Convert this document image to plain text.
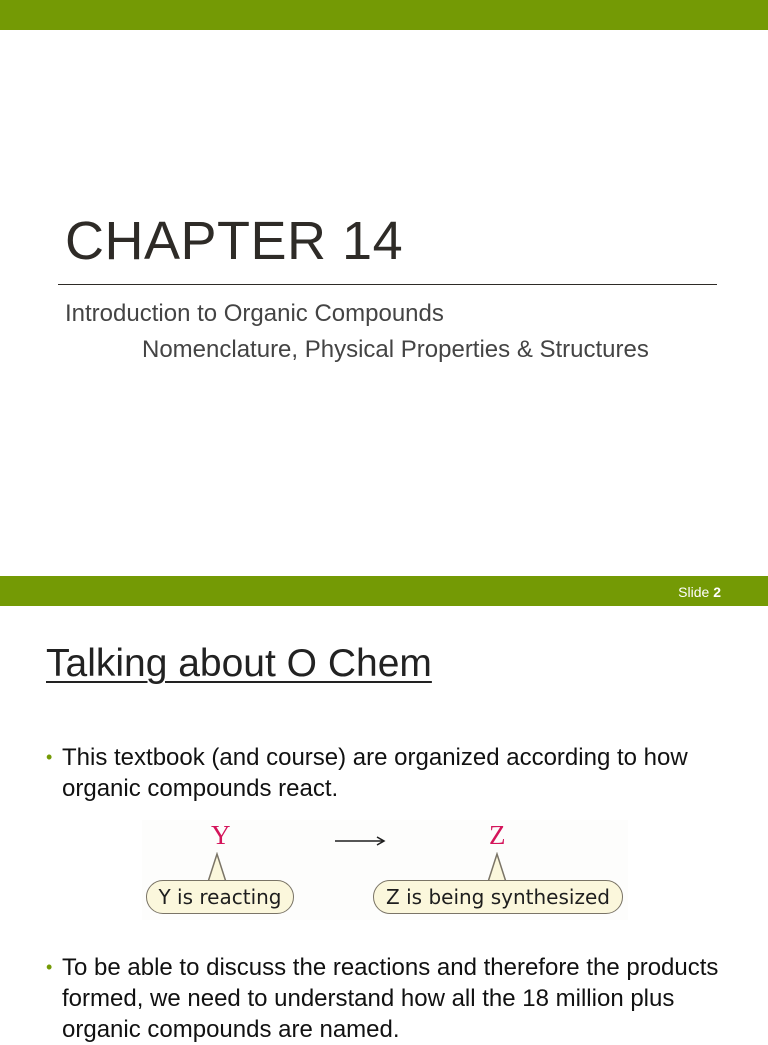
CHAPTER 14
Introduction to Organic Compounds
Nomenclature, Physical Properties & Structures
Slide 2
Talking about O Chem
• This textbook (and course) are organized according to how organic compounds react.
Y	Z
Y is reacting	Z is being synthesized
• To be able to discuss the reactions and therefore the products formed, we need to understand how all the 18 million plus organic compounds are named.
